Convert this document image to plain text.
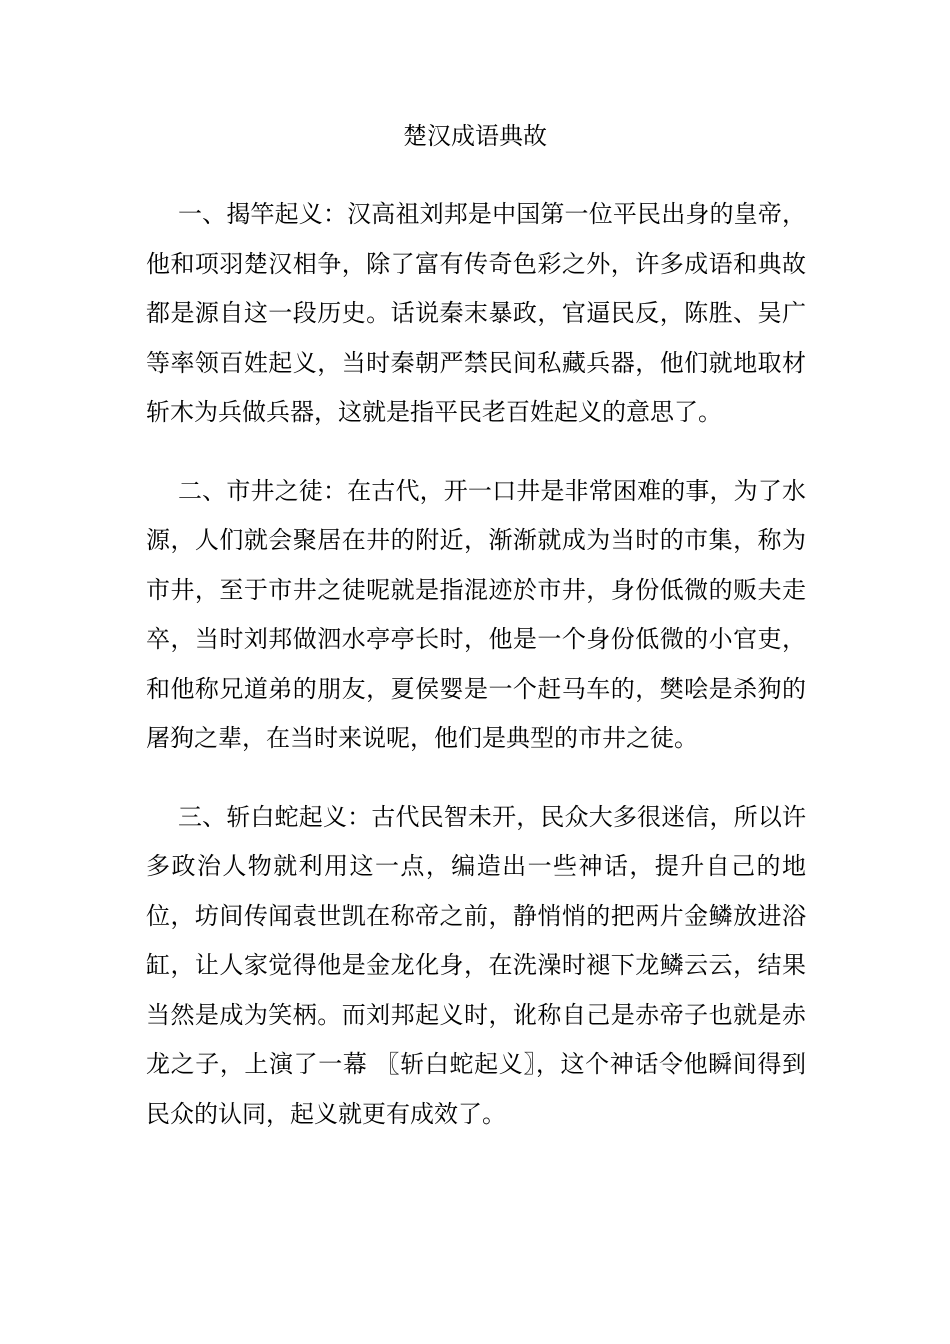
楚汉成语典故

一、揭竿起义：汉高祖刘邦是中国第一位平民出身的皇帝，他和项羽楚汉相争，除了富有传奇色彩之外，许多成语和典故都是源自这一段历史。话说秦末暴政，官逼民反，陈胜、吴广等率领百姓起义，当时秦朝严禁民间私藏兵器，他们就地取材斩木为兵做兵器，这就是指平民老百姓起义的意思了。

二、市井之徒：在古代，开一口井是非常困难的事，为了水源，人们就会聚居在井的附近，渐渐就成为当时的市集，称为市井，至于市井之徒呢就是指混迹於市井，身份低微的贩夫走卒，当时刘邦做泗水亭亭长时，他是一个身份低微的小官吏，和他称兄道弟的朋友，夏侯婴是一个赶马车的，樊哙是杀狗的屠狗之辈，在当时来说呢，他们是典型的市井之徒。

三、斩白蛇起义：古代民智未开，民众大多很迷信，所以许多政治人物就利用这一点，编造出一些神话，提升自己的地位，坊间传闻袁世凯在称帝之前，静悄悄的把两片金鳞放进浴缸，让人家觉得他是金龙化身，在洗澡时褪下龙鳞云云，结果当然是成为笑柄。而刘邦起义时，讹称自己是赤帝子也就是赤龙之子，上演了一幕 〖斩白蛇起义〗，这个神话令他瞬间得到民众的认同，起义就更有成效了。
